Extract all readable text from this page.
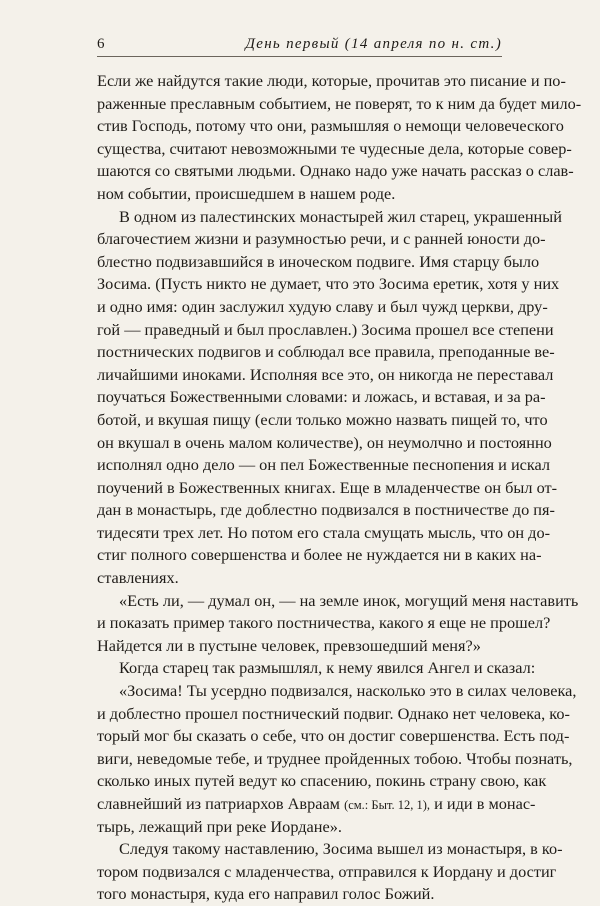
6	День первый (14 апреля по н. ст.)
Если же найдутся такие люди, которые, прочитав это писание и по-
раженные преславным событием, не поверят, то к ним да будет мило-
стив Господь, потому что они, размышляя о немощи человеческого
существа, считают невозможными те чудесные дела, которые совер-
шаются со святыми людьми. Однако надо уже начать рассказ о слав-
ном событии, происшедшем в нашем роде.
В одном из палестинских монастырей жил старец, украшенный
благочестием жизни и разумностью речи, и с ранней юности до-
блестно подвизавшийся в иноческом подвиге. Имя старцу было
Зосима. (Пусть никто не думает, что это Зосима еретик, хотя у них
и одно имя: один заслужил худую славу и был чужд церкви, дру-
гой — праведный и был прославлен.) Зосима прошел все степени
постнических подвигов и соблюдал все правила, преподанные ве-
личайшими иноками. Исполняя все это, он никогда не переставал
поучаться Божественными словами: и ложась, и вставая, и за ра-
ботой, и вкушая пищу (если только можно назвать пищей то, что
он вкушал в очень малом количестве), он неумолчно и постоянно
исполнял одно дело — он пел Божественные песнопения и искал
поучений в Божественных книгах. Еще в младенчестве он был от-
дан в монастырь, где доблестно подвизался в постничестве до пя-
тидесяти трех лет. Но потом его стала смущать мысль, что он до-
стиг полного совершенства и более не нуждается ни в каких на-
ставлениях.
«Есть ли, — думал он, — на земле инок, могущий меня наставить
и показать пример такого постничества, какого я еще не прошел?
Найдется ли в пустыне человек, превзошедший меня?»
Когда старец так размышлял, к нему явился Ангел и сказал:
«Зосима! Ты усердно подвизался, насколько это в силах человека,
и доблестно прошел постнический подвиг. Однако нет человека, ко-
торый мог бы сказать о себе, что он достиг совершенства. Есть под-
виги, неведомые тебе, и труднее пройденных тобою. Чтобы познать,
сколько иных путей ведут ко спасению, покинь страну свою, как
славнейший из патриархов Авраам (см.: Быт. 12, 1), и иди в монас-
тырь, лежащий при реке Иордане».
Следуя такому наставлению, Зосима вышел из монастыря, в ко-
тором подвизался с младенчества, отправился к Иордану и достиг
того монастыря, куда его направил голос Божий.
